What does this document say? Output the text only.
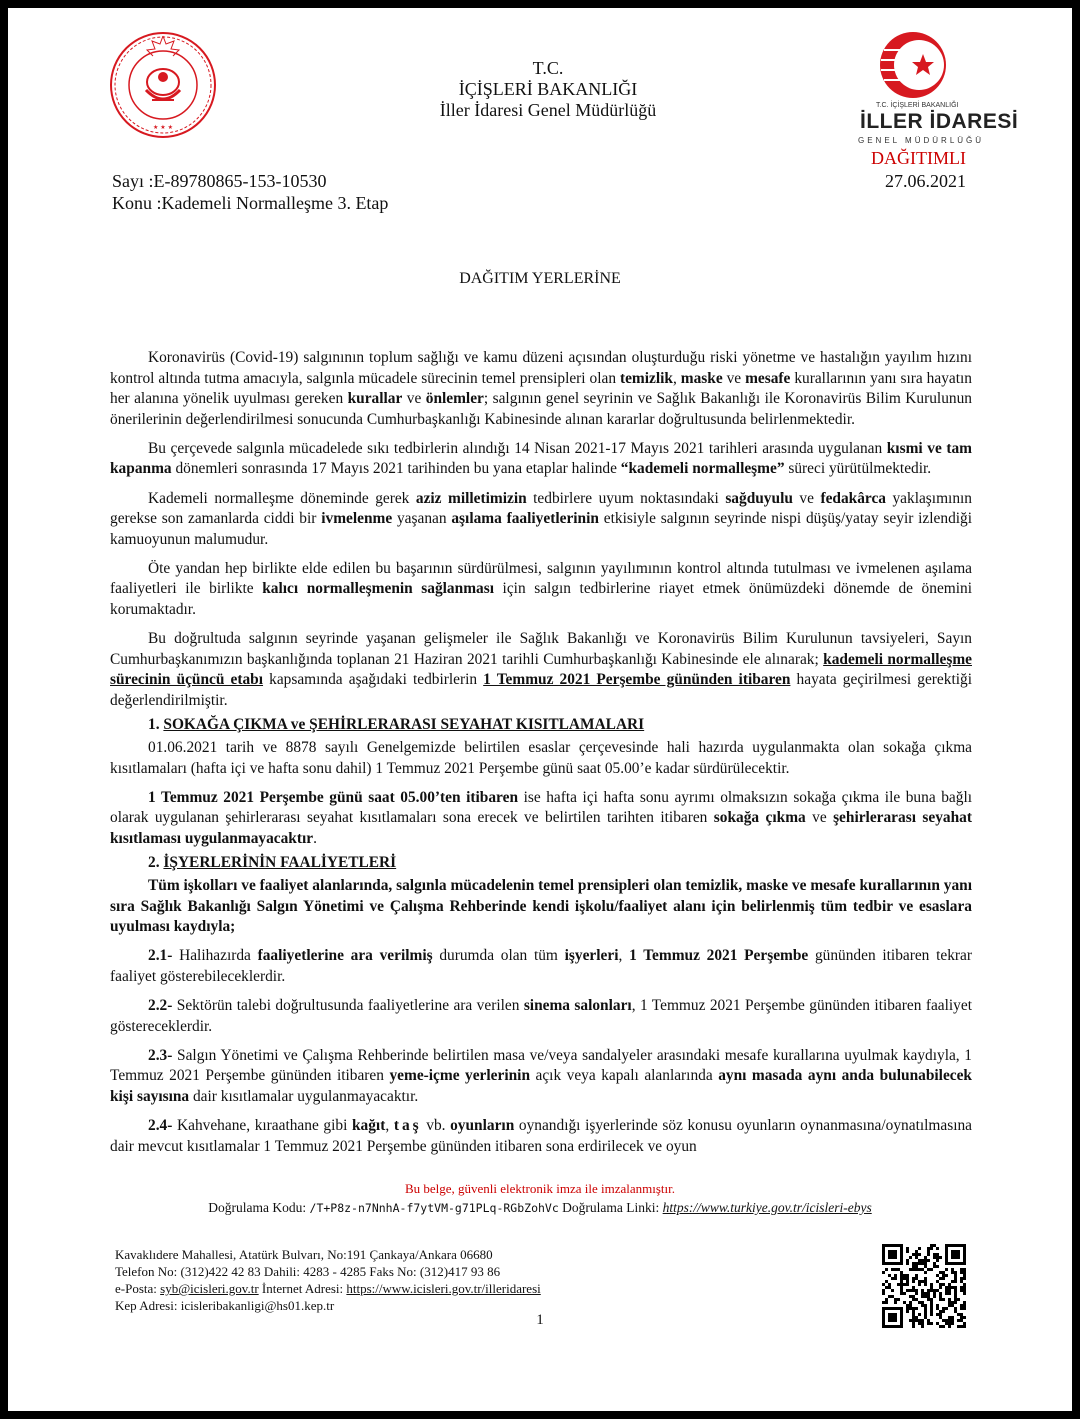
★ ★ ★
T.C. İÇİŞLERİ BAKANLIĞI
İLLER İDARESİ
GENEL MÜDÜRLÜĞÜ
T.C.
İÇİŞLERİ BAKANLIĞI
İller İdaresi Genel Müdürlüğü
DAĞITIMLI
Sayı :E-89780865-153-10530	27.06.2021
Konu :Kademeli Normalleşme 3. Etap
DAĞITIM YERLERİNE

Koronavirüs (Covid-19) salgınının toplum sağlığı ve kamu düzeni açısından oluşturduğu riski yönetme ve hastalığın yayılım hızını kontrol altında tutma amacıyla, salgınla mücadele sürecinin temel prensipleri olan temizlik, maske ve mesafe kurallarının yanı sıra hayatın her alanına yönelik uyulması gereken kurallar ve önlemler; salgının genel seyrinin ve Sağlık Bakanlığı ile Koronavirüs Bilim Kurulunun önerilerinin değerlendirilmesi sonucunda Cumhurbaşkanlığı Kabinesinde alınan kararlar doğrultusunda belirlenmektedir.

Bu çerçevede salgınla mücadelede sıkı tedbirlerin alındığı 14 Nisan 2021-17 Mayıs 2021 tarihleri arasında uygulanan kısmi ve tam kapanma dönemleri sonrasında 17 Mayıs 2021 tarihinden bu yana etaplar halinde “kademeli normalleşme” süreci yürütülmektedir.

Kademeli normalleşme döneminde gerek aziz milletimizin tedbirlere uyum noktasındaki sağduyulu ve fedakârca yaklaşımının gerekse son zamanlarda ciddi bir ivmelenme yaşanan aşılama faaliyetlerinin etkisiyle salgının seyrinde nispi düşüş/yatay seyir izlendiği kamuoyunun malumudur.

Öte yandan hep birlikte elde edilen bu başarının sürdürülmesi, salgının yayılımının kontrol altında tutulması ve ivmelenen aşılama faaliyetleri ile birlikte kalıcı normalleşmenin sağlanması için salgın tedbirlerine riayet etmek önümüzdeki dönemde de önemini korumaktadır.

Bu doğrultuda salgının seyrinde yaşanan gelişmeler ile Sağlık Bakanlığı ve Koronavirüs Bilim Kurulunun tavsiyeleri, Sayın Cumhurbaşkanımızın başkanlığında toplanan 21 Haziran 2021 tarihli Cumhurbaşkanlığı Kabinesinde ele alınarak; kademeli normalleşme sürecinin üçüncü etabı kapsamında aşağıdaki tedbirlerin 1 Temmuz 2021 Perşembe gününden itibaren hayata geçirilmesi gerektiği değerlendirilmiştir.

1. SOKAĞA ÇIKMA ve ŞEHİRLERARASI SEYAHAT KISITLAMALARI

01.06.2021 tarih ve 8878 sayılı Genelgemizde belirtilen esaslar çerçevesinde hali hazırda uygulanmakta olan sokağa çıkma kısıtlamaları (hafta içi ve hafta sonu dahil) 1 Temmuz 2021 Perşembe günü saat 05.00’e kadar sürdürülecektir.

1 Temmuz 2021 Perşembe günü saat 05.00’ten itibaren ise hafta içi hafta sonu ayrımı olmaksızın sokağa çıkma ile buna bağlı olarak uygulanan şehirlerarası seyahat kısıtlamaları sona erecek ve belirtilen tarihten itibaren sokağa çıkma ve şehirlerarası seyahat kısıtlaması uygulanmayacaktır.

2. İŞYERLERİNİN FAALİYETLERİ

Tüm işkolları ve faaliyet alanlarında, salgınla mücadelenin temel prensipleri olan temizlik, maske ve mesafe kurallarının yanı sıra Sağlık Bakanlığı Salgın Yönetimi ve Çalışma Rehberinde kendi işkolu/faaliyet alanı için belirlenmiş tüm tedbir ve esaslara uyulması kaydıyla;

2.1- Halihazırda faaliyetlerine ara verilmiş durumda olan tüm işyerleri, 1 Temmuz 2021 Perşembe gününden itibaren tekrar faaliyet gösterebileceklerdir.

2.2- Sektörün talebi doğrultusunda faaliyetlerine ara verilen sinema salonları, 1 Temmuz 2021 Perşembe gününden itibaren faaliyet göstereceklerdir.

2.3- Salgın Yönetimi ve Çalışma Rehberinde belirtilen masa ve/veya sandalyeler arasındaki mesafe kurallarına uyulmak kaydıyla, 1 Temmuz 2021 Perşembe gününden itibaren yeme-içme yerlerinin açık veya kapalı alanlarında aynı masada aynı anda bulunabilecek kişi sayısına dair kısıtlamalar uygulanmayacaktır.

2.4- Kahvehane, kıraathane gibi kağıt, taş vb. oyunların oynandığı işyerlerinde söz konusu oyunların oynanmasına/oynatılmasına dair mevcut kısıtlamalar 1 Temmuz 2021 Perşembe gününden itibaren sona erdirilecek ve oyun

Bu belge, güvenli elektronik imza ile imzalanmıştır.
Doğrulama Kodu: /T+P8z-n7NnhA-f7ytVM-g71PLq-RGbZohVc Doğrulama Linki: https://www.turkiye.gov.tr/icisleri-ebys
Kavaklıdere Mahallesi, Atatürk Bulvarı, No:191 Çankaya/Ankara 06680
Telefon No: (312)422 42 83 Dahili: 4283 - 4285 Faks No: (312)417 93 86
e-Posta: syb@icisleri.gov.tr İnternet Adresi: https://www.icisleri.gov.tr/illeridaresi
Kep Adresi: icisleribakanligi@hs01.kep.tr
1
